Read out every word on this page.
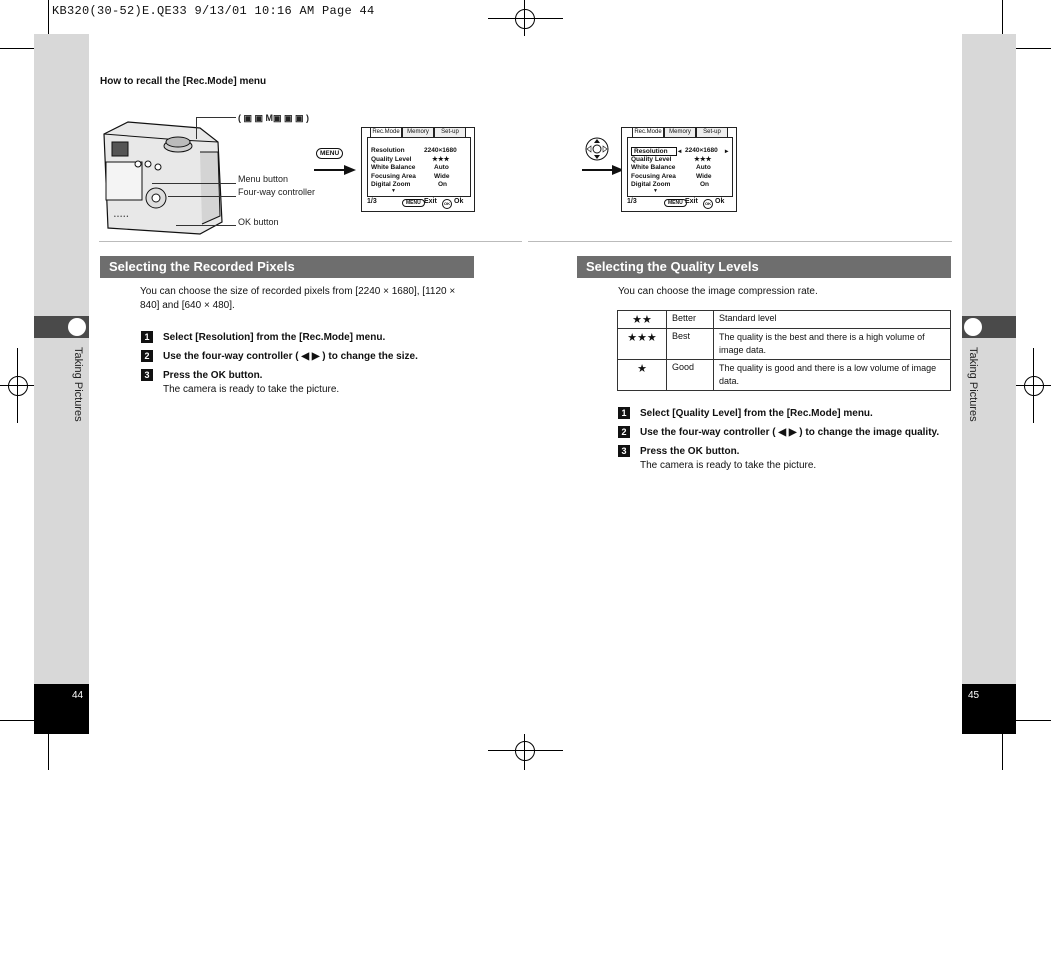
KB320(30-52)E.QE33 9/13/01 10:16 AM Page 44
Taking Pictures	Taking Pictures
44	45
How to recall the [Rec.Mode] menu
• • • • •
( ▣ ▣ M▣ ▣ ▣ )
Menu button
Four-way controller
OK button
MENU
Rec.Mode	Memory	Set-up
Resolution	2240×1680
Quality Level	★★★
White Balance	Auto
Focusing Area	Wide
Digital Zoom	On
▼
1/3	MENU Exit	OK Ok
Rec.Mode	Memory	Set-up
Resolution	◂ 2240×1680 ▸
Quality Level	★★★
White Balance	Auto
Focusing Area	Wide
Digital Zoom	On
▼
1/3	MENU Exit	OK Ok
Selecting the Recorded Pixels
You can choose the size of recorded pixels from [2240 × 1680], [1120 × 840] and [640 × 480].
1	Select [Resolution] from the [Rec.Mode] menu.
2	Use the four-way controller ( ◀ ▶ ) to change the size.
3	Press the OK button.
The camera is ready to take the picture.
Selecting the Quality Levels
You can choose the image compression rate.
★★	Better	Standard level
★★★	Best	The quality is the best and there is a high volume of image data.
★	Good	The quality is good and there is a low volume of image data.
1	Select [Quality Level] from the [Rec.Mode] menu.
2	Use the four-way controller ( ◀ ▶ ) to change the image quality.
3	Press the OK button.
The camera is ready to take the picture.
